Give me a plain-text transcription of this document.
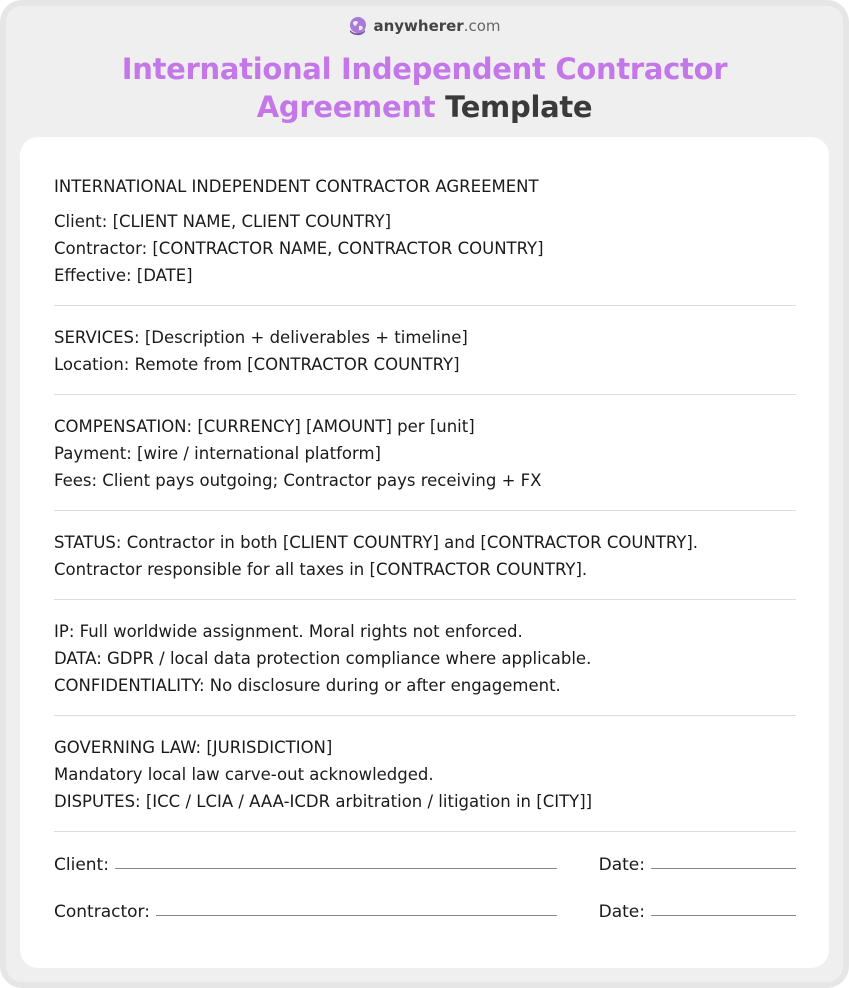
anywherer.com
International Independent Contractor
Agreement Template
INTERNATIONAL INDEPENDENT CONTRACTOR AGREEMENT
Client: [CLIENT NAME, CLIENT COUNTRY]
Contractor: [CONTRACTOR NAME, CONTRACTOR COUNTRY]
Effective: [DATE]
SERVICES: [Description + deliverables + timeline]
Location: Remote from [CONTRACTOR COUNTRY]
COMPENSATION: [CURRENCY] [AMOUNT] per [unit]
Payment: [wire / international platform]
Fees: Client pays outgoing; Contractor pays receiving + FX
STATUS: Contractor in both [CLIENT COUNTRY] and [CONTRACTOR COUNTRY].
Contractor responsible for all taxes in [CONTRACTOR COUNTRY].
IP: Full worldwide assignment. Moral rights not enforced.
DATA: GDPR / local data protection compliance where applicable.
CONFIDENTIALITY: No disclosure during or after engagement.
GOVERNING LAW: [JURISDICTION]
Mandatory local law carve-out acknowledged.
DISPUTES: [ICC / LCIA / AAA-ICDR arbitration / litigation in [CITY]]
Client:	Date:
Contractor:	Date:
